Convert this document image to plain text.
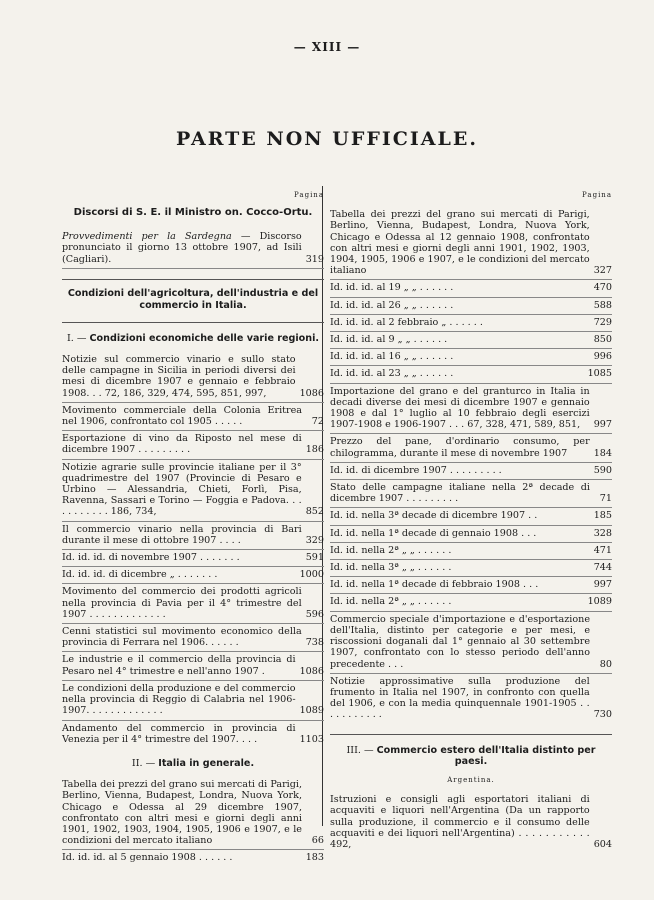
— XIII —
PARTE NON UFFICIALE.
Pagina
Discorsi di S. E. il Ministro on. Cocco-Ortu.
Provvedimenti per la Sardegna — Discorso pronunciato il giorno 13 ottobre 1907, ad Isili (Cagliari).	319
Condizioni dell'agricoltura, dell'industria e del commercio in Italia.
I. — Condizioni economiche delle varie regioni.
Notizie sul commercio vinario e sullo stato delle campagne in Sicilia in periodi diversi dei mesi di dicembre 1907 e gennaio e febbraio 1908. . . 72, 186, 329, 474, 595, 851, 997,	1086
Movimento commerciale della Colonia Eritrea nel 1906, confrontato col 1905 . . . . .	72
Esportazione di vino da Riposto nel mese di dicembre 1907 . . . . . . . . .	186
Notizie agrarie sulle provincie italiane per il 3° quadrimestre del 1907 (Provincie di Pesaro e Urbino — Alessandria, Chieti, Forlì, Pisa, Ravenna, Sassari e Torino — Foggia e Padova. . . . . . . . . . . 186, 734,	852
Il commercio vinario nella provincia di Bari durante il mese di ottobre 1907 . . . .	329
Id. id. id. di novembre 1907 . . . . . . .	591
Id. id. id. di dicembre „ . . . . . . .	1000
Movimento del commercio dei prodotti agricoli nella provincia di Pavia per il 4° trimestre del 1907 . . . . . . . . . . . . .	596
Cenni statistici sul movimento economico della provincia di Ferrara nel 1906. . . . . .	738
Le industrie e il commercio della provincia di Pesaro nel 4° trimestre e nell'anno 1907 .	1086
Le condizioni della produzione e del commercio nella provincia di Reggio di Calabria nel 1906-1907. . . . . . . . . . . . .	1089
Andamento del commercio in provincia di Venezia per il 4° trimestre del 1907. . . .	1103
II. — Italia in generale.
Tabella dei prezzi del grano sui mercati di Parigi, Berlino, Vienna, Budapest, Londra, Nuova York, Chicago e Odessa al 29 dicembre 1907, confrontato con altri mesi e giorni degli anni 1901, 1902, 1903, 1904, 1905, 1906 e 1907, e le condizioni del mercato italiano	66
Id. id. id. al 5 gennaio 1908 . . . . . .	183
Pagina
Tabella dei prezzi del grano sui mercati di Parigi, Berlino, Vienna, Budapest, Londra, Nuova York, Chicago e Odessa al 12 gennaio 1908, confrontato con altri mesi e giorni degli anni 1901, 1902, 1903, 1904, 1905, 1906 e 1907, e le condizioni del mercato italiano	327
Id. id. id. al 19 „ „ . . . . . .	470
Id. id. id. al 26 „ „ . . . . . .	588
Id. id. id. al 2 febbraio „ . . . . . .	729
Id. id. id. al 9 „ „ . . . . . .	850
Id. id. id. al 16 „ „ . . . . . .	996
Id. id. id. al 23 „ „ . . . . . .	1085
Importazione del grano e del granturco in Italia in decadi diverse dei mesi di dicembre 1907 e gennaio 1908 e dal 1° luglio al 10 febbraio degli esercizi 1907-1908 e 1906-1907 . . . 67, 328, 471, 589, 851,	997
Prezzo del pane, d'ordinario consumo, per chilogramma, durante il mese di novembre 1907	184
Id. id. di dicembre 1907 . . . . . . . . .	590
Stato delle campagne italiane nella 2ª decade di dicembre 1907 . . . . . . . . .	71
Id. id. nella 3ª decade di dicembre 1907 . .	185
Id. id. nella 1ª decade di gennaio 1908 . . .	328
Id. id. nella 2ª „ „ . . . . . .	471
Id. id. nella 3ª „ „ . . . . . .	744
Id. id. nella 1ª decade di febbraio 1908 . . .	997
Id. id. nella 2ª „ „ . . . . . .	1089
Commercio speciale d'importazione e d'esportazione dell'Italia, distinto per categorie e per mesi, e riscossioni doganali dal 1° gennaio al 30 settembre 1907, confrontato con lo stesso periodo dell'anno precedente . . .	80
Notizie approssimative sulla produzione del frumento in Italia nel 1907, in confronto con quella del 1906, e con la media quinquennale 1901-1905 . . . . . . . . . . .	730
III. — Commercio estero dell'Italia distinto per paesi.
Argentina.
Istruzioni e consigli agli esportatori italiani di acquaviti e liquori nell'Argentina (Da un rapporto sulla produzione, il commercio e il consumo delle acquaviti e dei liquori nell'Argentina) . . . . . . . . . . . 492,	604
